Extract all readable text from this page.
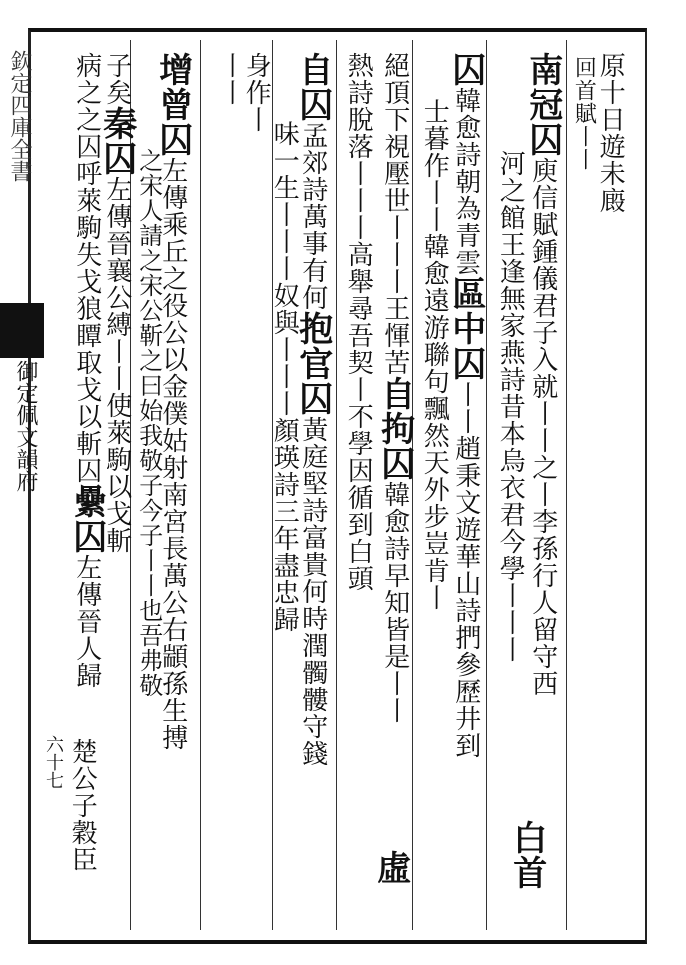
欽定四庫全書
御定佩文韻府
原十日遊未廄
回首賦丨丨
南冠囚庾信賦鍾儀君子入就丨丨之丨李孫行人留守西
河之館王逢無家燕詩昔本烏衣君今學丨丨丨
囚韓愈詩朝為青雲區中囚丨丨趙秉文遊華山詩捫參歷井到
士暮作丨丨韓愈遠游聯句飄然天外步豈肯丨
白首
絕頂下視壓世丨丨丨王惲苦自拘囚韓愈詩早知皆是丨丨
熱詩脫落丨丨丨高舉尋吾契丨不學因循到白頭
虛
自囚孟郊詩萬事有何抱官囚黃庭堅詩富貴何時潤髑髏守錢
味一生丨丨丨奴與丨丨丨顏瑛詩三年盡忠歸
身作丨
丨丨
增曾囚左傳乘丘之役公以金僕姑射南宮長萬公右顓孫生搏
之宋人請之宋公靳之曰始我敬子今子丨丨也吾弗敬
子矣秦囚左傳晉襄公縛丨丨使萊駒以戈斬
病之之囚呼萊駒失戈狼瞫取戈以斬囚纍囚左傳晉人歸
楚公子穀臣
六十七
